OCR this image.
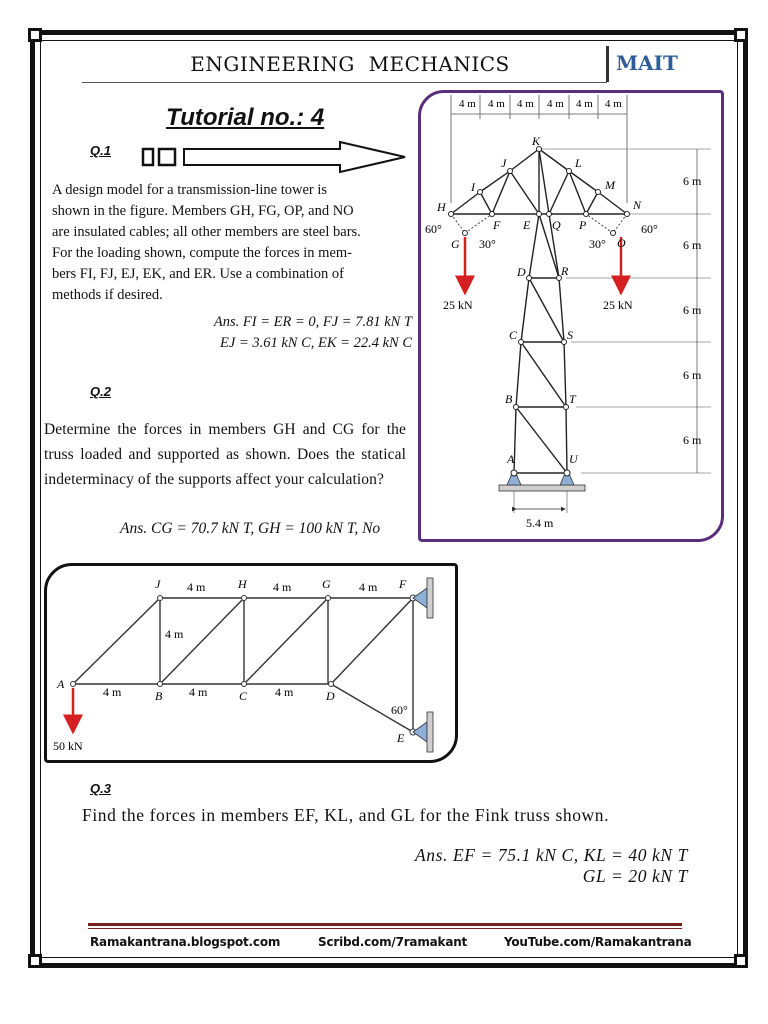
ENGINEERING  MECHANICS	MAIT
Tutorial no.: 4
Q.1
A design model for a transmission-line tower is
shown in the figure. Members GH, FG, OP, and NO
are insulated cables; all other members are steel bars.
For the loading shown, compute the forces in mem-
bers FI, FJ, EJ, EK, and ER. Use a combination of
methods if desired.
Ans. FI = ER = 0, FJ = 7.81 kN T
EJ = 3.61 kN C, EK = 22.4 kN C
Q.2
Determine the forces in members GH and CG for the truss loaded and supported as shown. Does the statical indeterminacy of the supports affect your calculation?
Ans. CG = 70.7 kN T, GH = 100 kN T, No
4 m 4 m 4 m 4 m 4 m 4 m
6 m
6 m
6 m
6 m
6 m
25 kN	25 kN
K
J	L
I	M
H	N
F E Q P
G	O
D	R
C	S
B	T
A	U
60°
30°	30°
60°
5.4 m
50 kN
J	H	G	F
A
B	C	D
E
4 m	4 m	4 m
4 m	4 m	4 m
4 m
60°
Q.3
Find the forces in members EF, KL, and GL for the Fink truss shown.
Ans. EF = 75.1 kN C, KL = 40 kN T
GL = 20 kN T
Ramakantrana.blogspot.com	Scribd.com/7ramakant	YouTube.com/Ramakantrana
